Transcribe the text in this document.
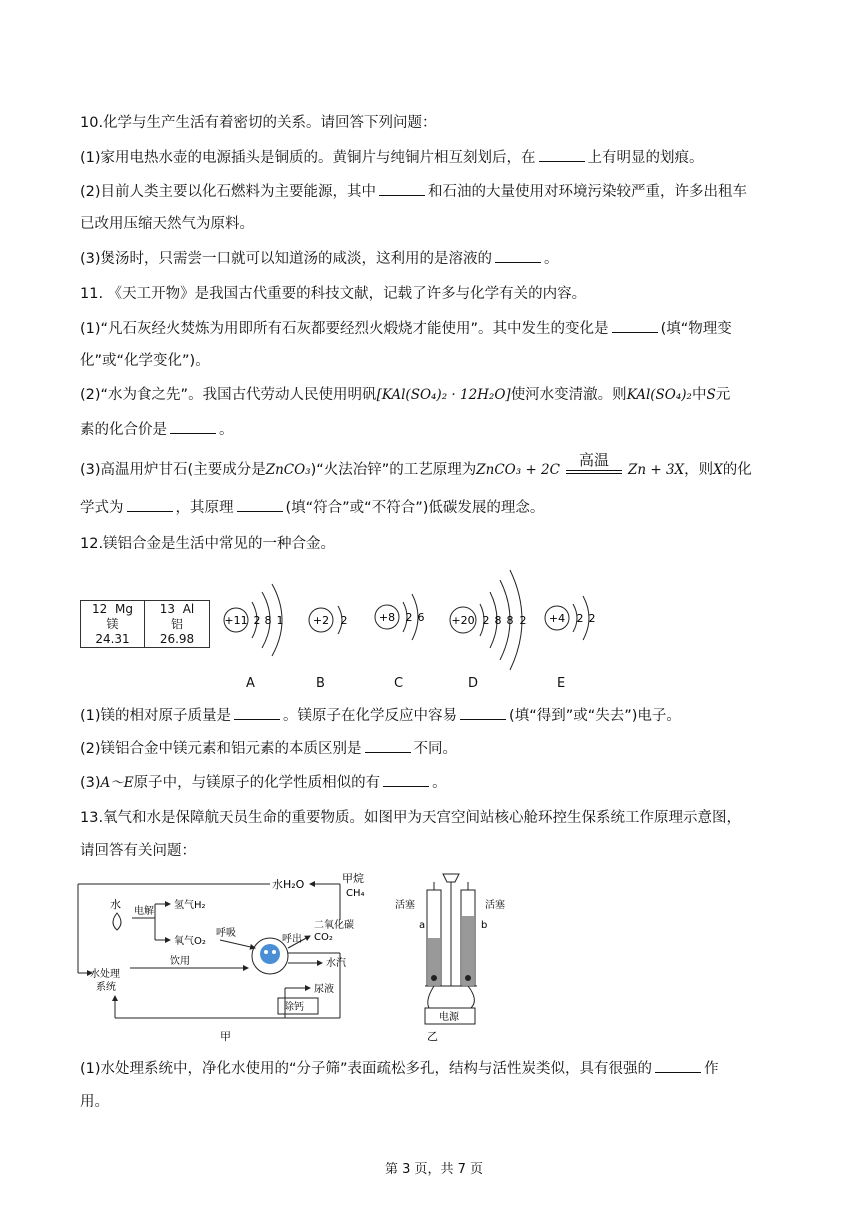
10.化学与生产生活有着密切的关系。请回答下列问题：
(1)家用电热水壶的电源插头是铜质的。黄铜片与纯铜片相互刻划后，在	上有明显的划痕。
(2)目前人类主要以化石燃料为主要能源，其中	和石油的大量使用对环境污染较严重，许多出租车
已改用压缩天然气为原料。
(3)煲汤时，只需尝一口就可以知道汤的咸淡，这利用的是溶液的	。
11. 《天工开物》是我国古代重要的科技文献，记载了许多与化学有关的内容。
(1)“凡石灰经火焚炼为用即所有石灰都要经烈火煅烧才能使用”。其中发生的变化是	(填“物理变
化”或“化学变化”)。
(2)“水为食之先”。我国古代劳动人民使用明矾[KAl(SO₄)₂ · 12H₂O]使河水变清澈。则KAl(SO₄)₂中S元
素的化合价是	。
(3)高温用炉甘石(主要成分是ZnCO₃)“火法冶锌”的工艺原理为ZnCO₃ + 2C
高温
Zn + 3X，则X的化
学式为	，其原理	(填“符合”或“不符合”)低碳发展的理念。
12.镁铝合金是生活中常见的一种合金。
12 Mg
镁
24.31
13 Al
铝
26.98
+11 2 8 1	+2 2	+8 2 6 +20 2 8 8 2 +4 2 2
A	B	C	D	E
(1)镁的相对原子质量是	。镁原子在化学反应中容易	(填“得到”或“失去”)电子。
(2)镁铝合金中镁元素和铝元素的本质区别是	不同。
(3)A～E原子中，与镁原子的化学性质相似的有	。
13.氧气和水是保障航天员生命的重要物质。如图甲为天宫空间站核心舱环控生保系统工作原理示意图，
请回答有关问题：
水H₂O	甲烷
CH₄
水
电解
氢气H₂
氧气O₂
呼吸
呼出
二氧化碳
CO₂
饮用	水汽
水处理
系统	尿液
除钙
甲
活塞	活塞
a	b
电源
乙
(1)水处理系统中，净化水使用的“分子筛”表面疏松多孔，结构与活性炭类似，具有很强的	作
用。
第 3 页，共 7 页
